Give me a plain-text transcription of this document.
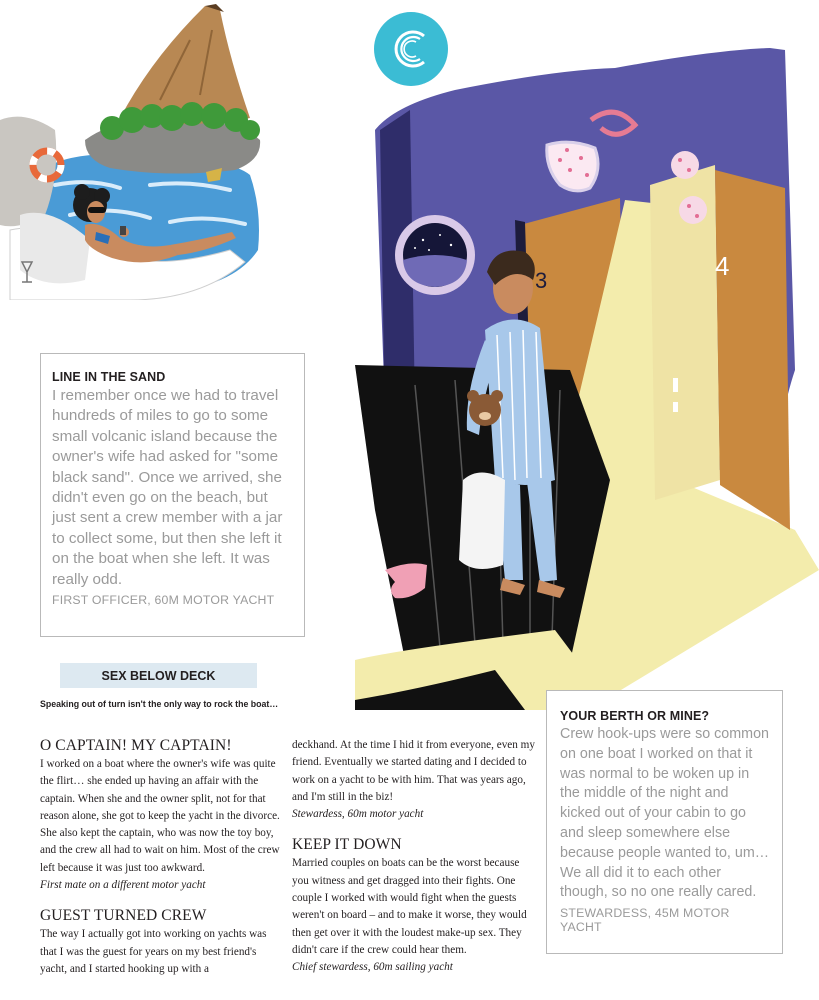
3	4
LINE IN THE SAND
I remember once we had to travel hundreds of miles to go to some small volcanic island because the owner's wife had asked for "some black sand". Once we arrived, she didn't even go on the beach, but just sent a crew member with a jar to collect some, but then she left it on the boat when she left. It was really odd.
FIRST OFFICER, 60M MOTOR YACHT
SEX BELOW DECK
Speaking out of turn isn't the only way to rock the boat…
O CAPTAIN! MY CAPTAIN!
I worked on a boat where the owner's wife was quite the flirt… she ended up having an affair with the captain. When she and the owner split, not for that reason alone, she got to keep the yacht in the divorce. She also kept the captain, who was now the toy boy, and the crew all had to wait on him. Most of the crew left because it was just too awkward.
First mate on a different motor yacht
GUEST TURNED CREW
The way I actually got into working on yachts was that I was the guest for years on my best friend's yacht, and I started hooking up with a
deckhand. At the time I hid it from everyone, even my friend. Eventually we started dating and I decided to work on a yacht to be with him. That was years ago, and I'm still in the biz!
Stewardess, 60m motor yacht
KEEP IT DOWN
Married couples on boats can be the worst because you witness and get dragged into their fights. One couple I worked with would fight when the guests weren't on board – and to make it worse, they would then get over it with the loudest make-up sex. They didn't care if the crew could hear them.
Chief stewardess, 60m sailing yacht
YOUR BERTH OR MINE?
Crew hook-ups were so common on one boat I worked on that it was normal to be woken up in the middle of the night and kicked out of your cabin to go and sleep somewhere else because people wanted to, um… We all did it to each other though, so no one really cared.
STEWARDESS, 45M MOTOR YACHT
